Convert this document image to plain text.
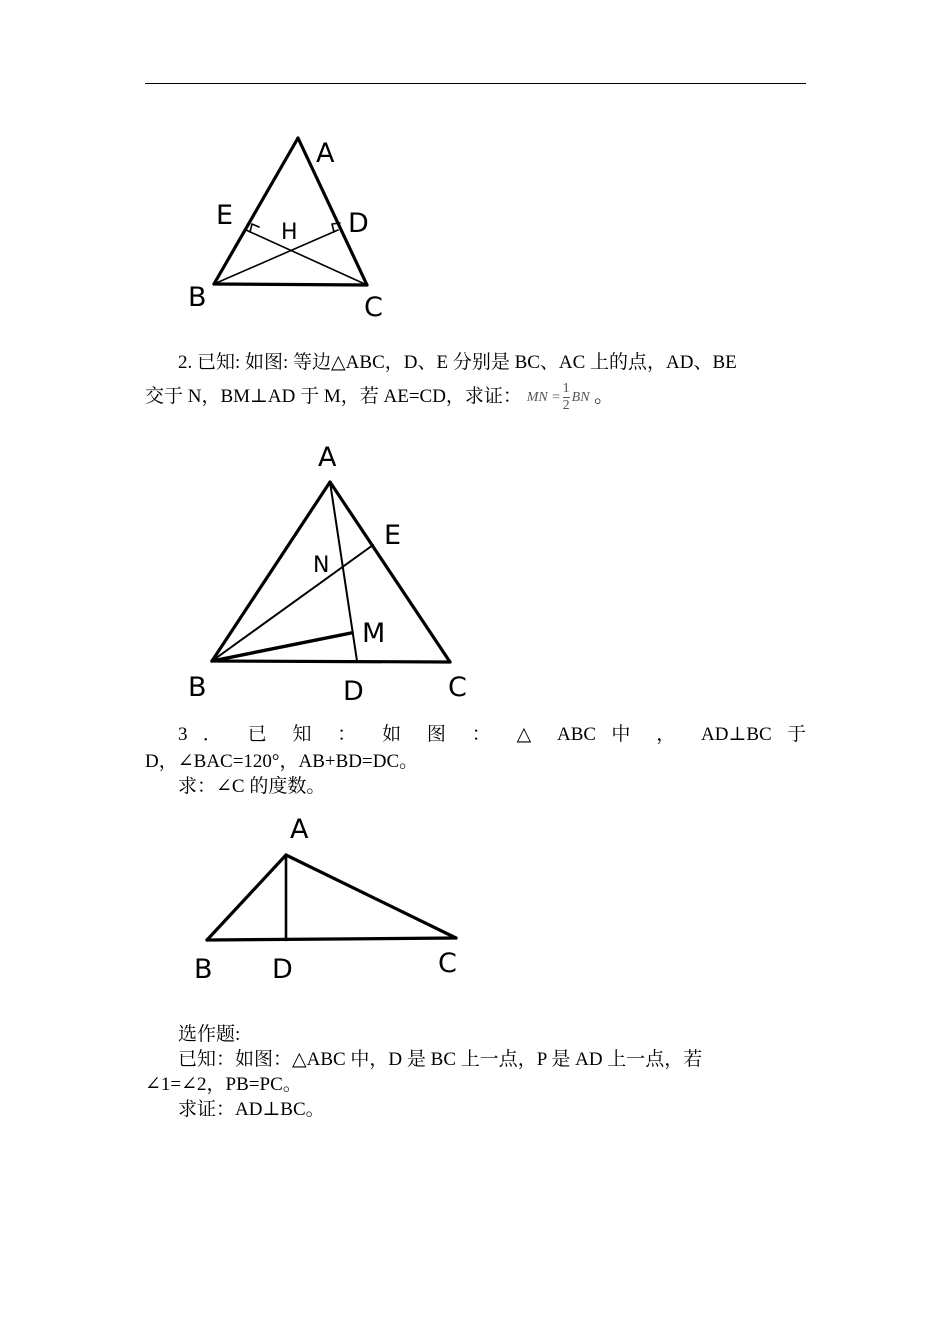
A
E
H D
B	C

2. 已知: 如图: 等边△ABC，D、E 分别是 BC、AC 上的点，AD、BE

交于 N，BM⊥AD 于 M，若 AE=CD，求证： MN = $\frac{1}{2}$ BN 。

A
E
N
M
B	D	C

3 ． 已 知 ： 如 图 ： △ ABC 中 ， AD⊥BC 于

D，∠BAC=120°，AB+BD=DC。

求：∠C 的度数。

A
B D	C

选作题:

已知：如图：△ABC 中，D 是 BC 上一点，P 是 AD 上一点，若

∠1=∠2，PB=PC。

求证：AD⊥BC。
